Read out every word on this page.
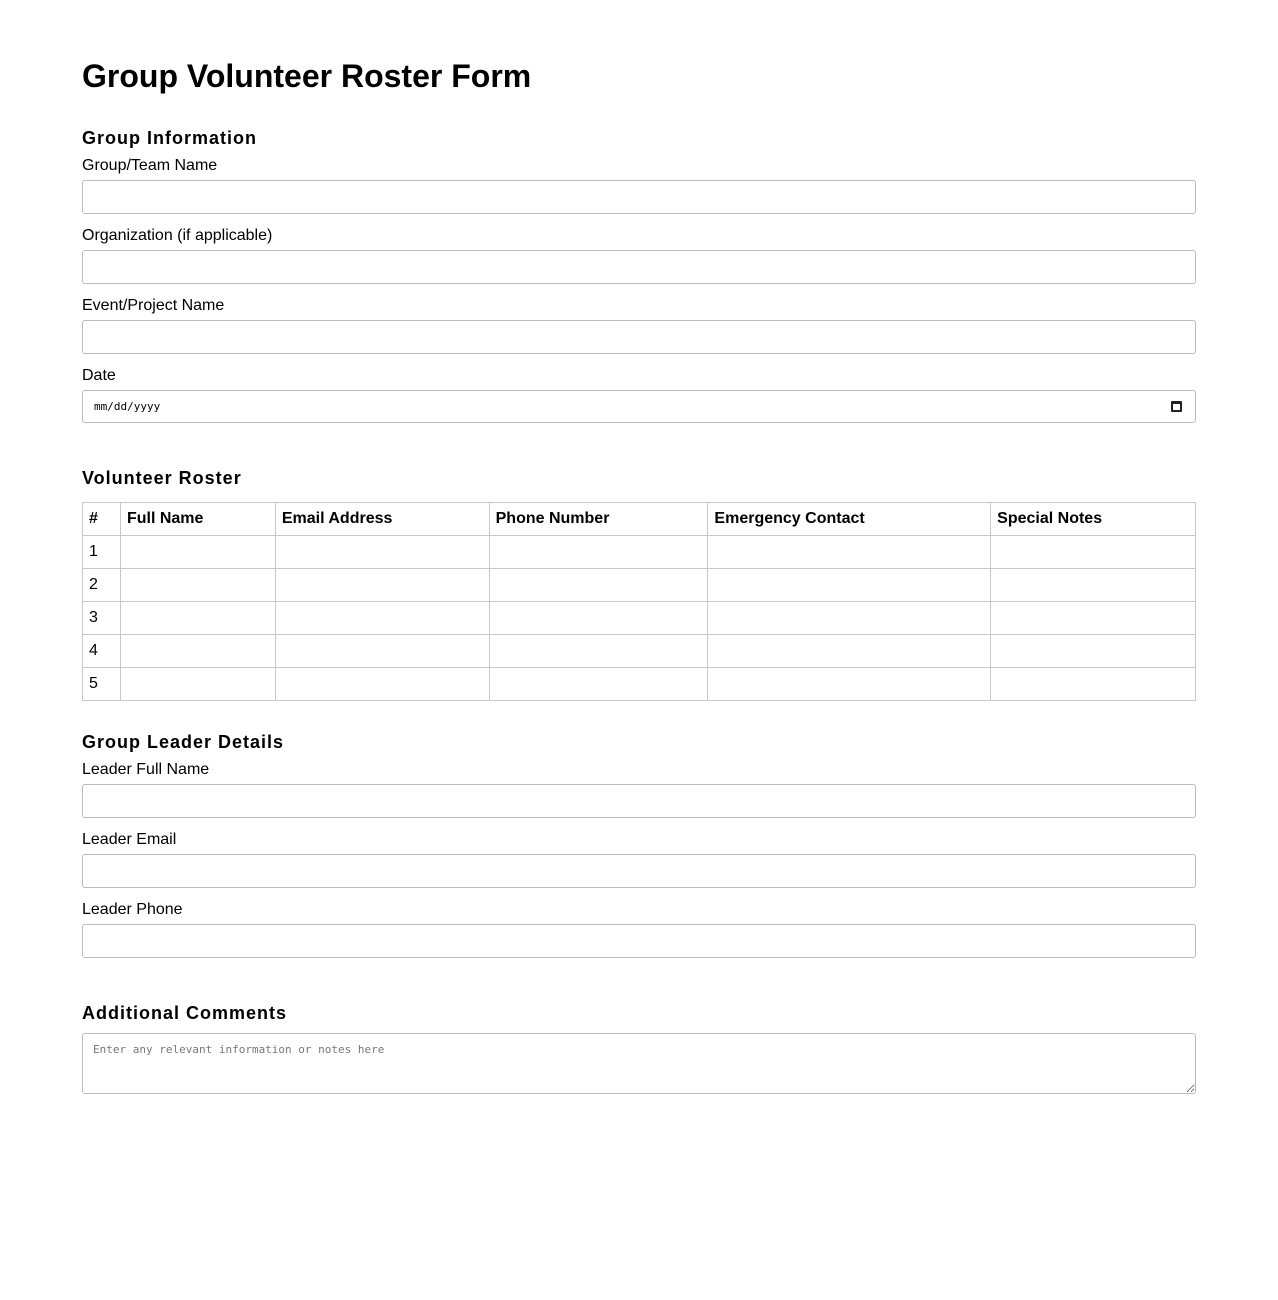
Group Volunteer Roster Form
Group Information
Group/Team Name
Organization (if applicable)
Event/Project Name
Date
mm/dd/yyyy
Volunteer Roster
#	Full Name	Email Address	Phone Number	Emergency Contact	Special Notes
1					
2					
3					
4					
5					
Group Leader Details
Leader Full Name
Leader Email
Leader Phone
Additional Comments
Enter any relevant information or notes here
